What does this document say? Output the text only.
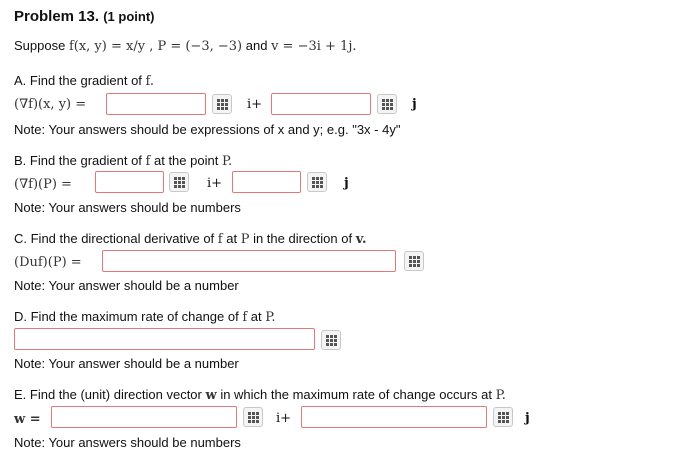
Problem 13. (1 point)
Suppose f(x, y) = x/y , P = (−3, −3) and v = −3i + 1j.
A. Find the gradient of f.
(∇f)(x, y) =	i+	j
Note: Your answers should be expressions of x and y; e.g. "3x - 4y"
B. Find the gradient of f at the point P.
(∇f)(P) =	i+	j
Note: Your answers should be numbers
C. Find the directional derivative of f at P in the direction of v.
(Duf)(P) =
Note: Your answer should be a number
D. Find the maximum rate of change of f at P.
Note: Your answer should be a number
E. Find the (unit) direction vector w in which the maximum rate of change occurs at P.
w =	i+	j
Note: Your answers should be numbers
